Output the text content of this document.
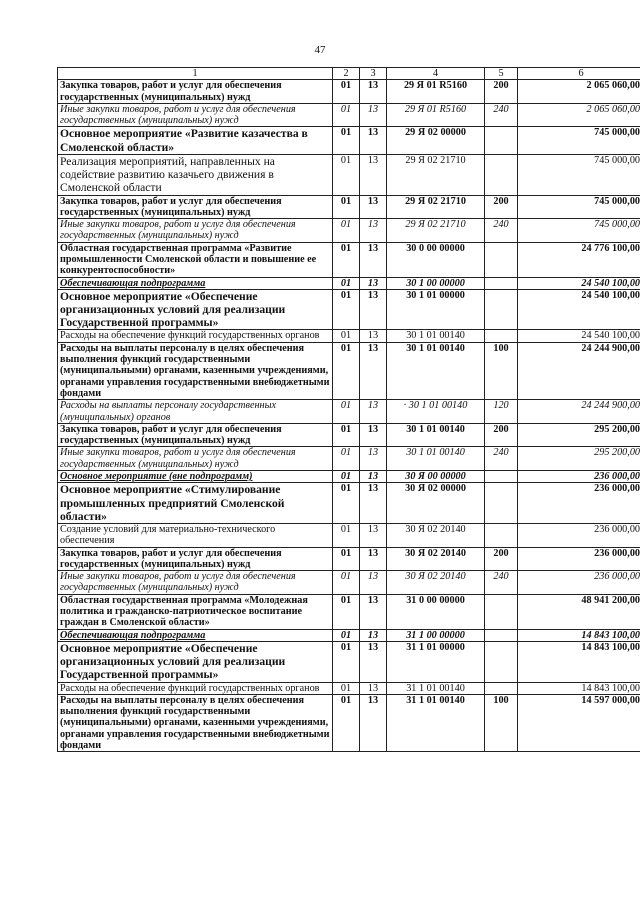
47
1	2	3	4	5	6
Закупка товаров, работ и услуг для обеспечения государственных (муниципальных) нужд	01	13	29 Я 01 R5160	200	2 065 060,00
Иные закупки товаров, работ и услуг для обеспечения государственных (муниципальных) нужд	01	13	29 Я 01 R5160	240	2 065 060,00
Основное мероприятие «Развитие казачества в Смоленской области»	01	13	29 Я 02 00000		745 000,00
Реализация мероприятий, направленных на содействие развитию казачьего движения в Смоленской области	01	13	29 Я 02 21710		745 000,00
Закупка товаров, работ и услуг для обеспечения государственных (муниципальных) нужд	01	13	29 Я 02 21710	200	745 000,00
Иные закупки товаров, работ и услуг для обеспечения государственных (муниципальных) нужд	01	13	29 Я 02 21710	240	745 000,00
Областная государственная программа «Развитие промышленности Смоленской области и повышение ее конкурентоспособности»	01	13	30 0 00 00000		24 776 100,00
Обеспечивающая подпрограмма	01	13	30 1 00 00000		24 540 100,00
Основное мероприятие «Обеспечение организационных условий для реализации Государственной программы»	01	13	30 1 01 00000		24 540 100,00
Расходы на обеспечение функций государственных органов	01	13	30 1 01 00140		24 540 100,00
Расходы на выплаты персоналу в целях обеспечения выполнения функций государственными (муниципальными) органами, казенными учреждениями, органами управления государственными внебюджетными фондами	01	13	30 1 01 00140	100	24 244 900,00
Расходы на выплаты персоналу государственных (муниципальных) органов	01	13	· 30 1 01 00140	120	24 244 900,00
Закупка товаров, работ и услуг для обеспечения государственных (муниципальных) нужд	01	13	30 1 01 00140	200	295 200,00
Иные закупки товаров, работ и услуг для обеспечения государственных (муниципальных) нужд	01	13	30 1 01 00140	240	295 200,00
Основное мероприятие (вне подпрограмм)	01	13	30 Я 00 00000		236 000,00
Основное мероприятие «Стимулирование промышленных предприятий Смоленской области»	01	13	30 Я 02 00000		236 000,00
Создание условий для материально-технического обеспечения	01	13	30 Я 02 20140		236 000,00
Закупка товаров, работ и услуг для обеспечения государственных (муниципальных) нужд	01	13	30 Я 02 20140	200	236 000,00
Иные закупки товаров, работ и услуг для обеспечения государственных (муниципальных) нужд	01	13	30 Я 02 20140	240	236 000,00
Областная государственная программа «Молодежная политика и гражданско-патриотическое воспитание граждан в Смоленской области»	01	13	31 0 00 00000		48 941 200,00
Обеспечивающая подпрограмма	01	13	31 1 00 00000		14 843 100,00
Основное мероприятие «Обеспечение организационных условий для реализации Государственной программы»	01	13	31 1 01 00000		14 843 100,00
Расходы на обеспечение функций государственных органов	01	13	31 1 01 00140		14 843 100,00
Расходы на выплаты персоналу в целях обеспечения выполнения функций государственными (муниципальными) органами, казенными учреждениями, органами управления государственными внебюджетными фондами	01	13	31 1 01 00140	100	14 597 000,00
